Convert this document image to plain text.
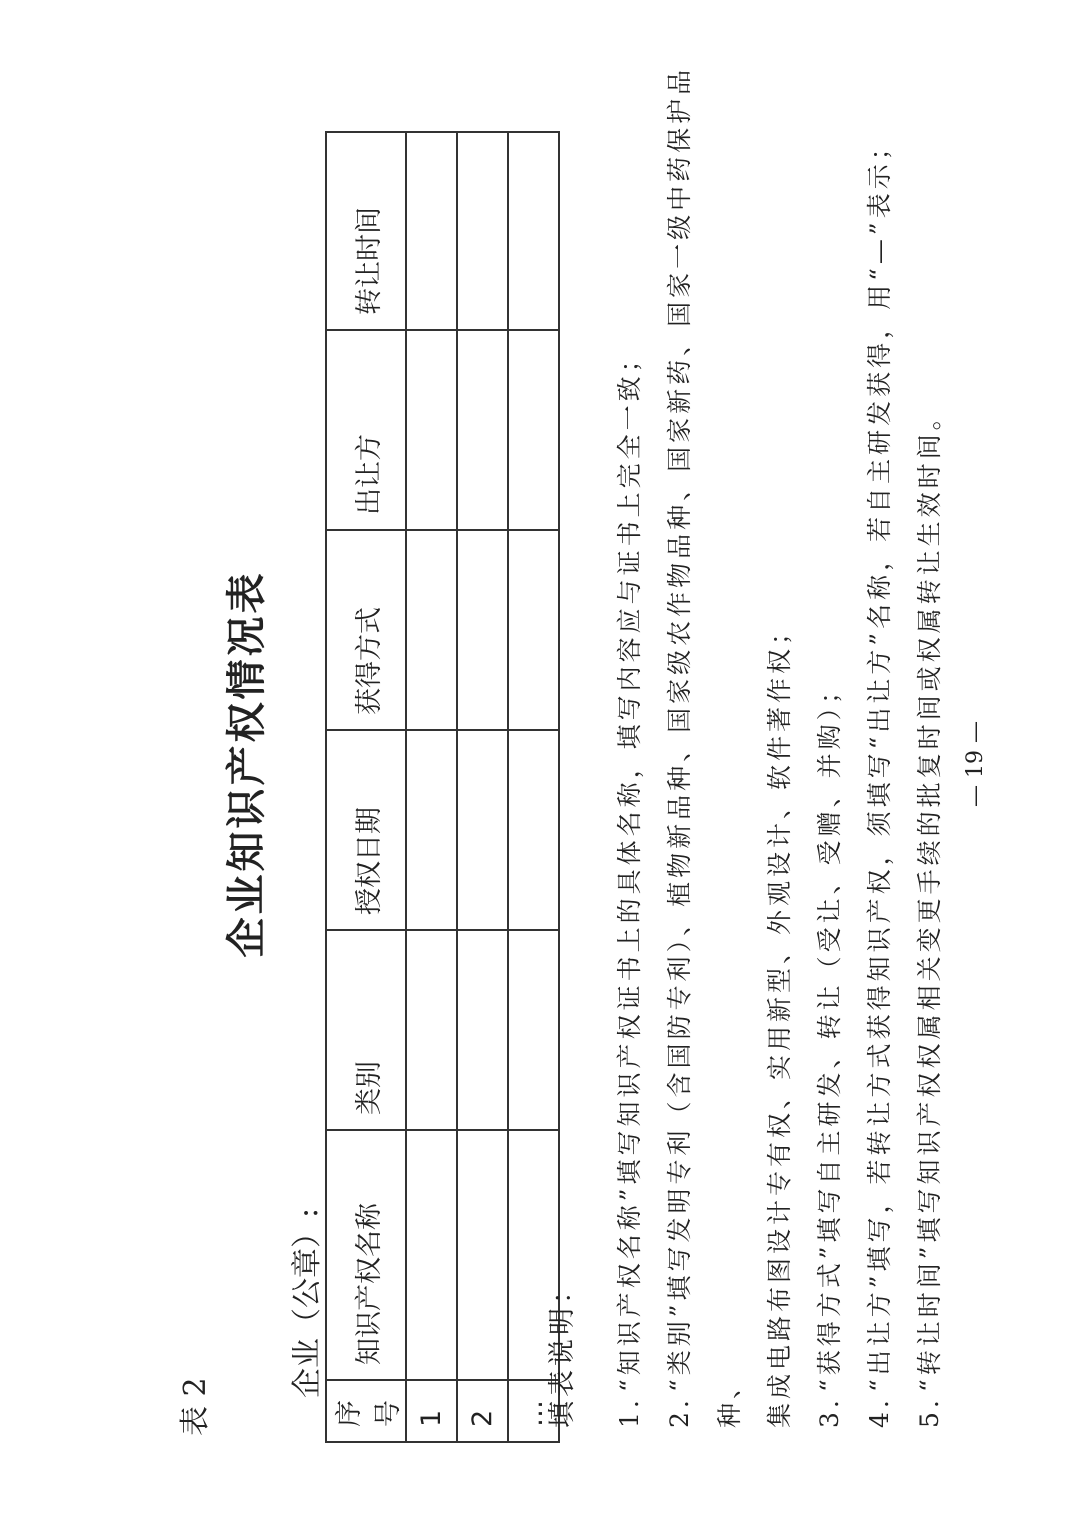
表 2
企业知识产权情况表
企业（公章）:
序号	知识产权名称	类别	授权日期	获得方式	出让方	转让时间
1						
2						
…						
填表说明：	1.“知识产权名称”填写知识产权证书上的具体名称，填写内容应与证书上完全一致；
2.“类别”填写发明专利（含国防专利）、植物新品种、国家级农作物品种、国家新药、国家一级中药保护品种、 集成电路布图设计专有权、实用新型、外观设计、软件著作权； 3.“获得方式”填写自主研发、转让（受让、受赠、并购）；
4.“出让方”填写，若转让方式获得知识产权，须填写“出让方”名称，若自主研发获得，用“—”表示；
5.“转让时间”填写知识产权权属相关变更手续的批复时间或权属转让生效时间。 — 19 —
